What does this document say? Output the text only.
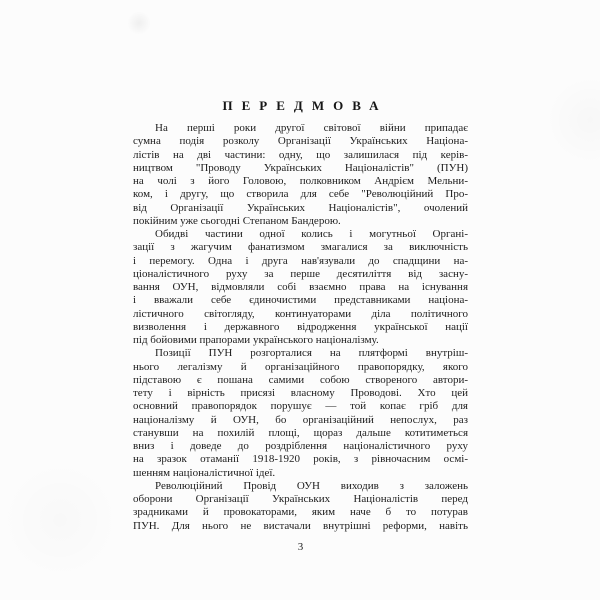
ПЕРЕДМОВА
На перші роки другої світової війни припадає
сумна подія розколу Організації Українських Націона-
лістів на дві частини: одну, що залишилася під керів-
ництвом "Проводу Українських Націоналістів" (ПУН)
на чолі з його Головою, полковником Андрієм Мельни-
ком, і другу, що створила для себе "Революційний Про-
від Організації Українських Націоналістів", очолений
покійним уже сьогодні Степаном Бандерою.
Обидві частини одної колись і могутньої Органі-
зації з жагучим фанатизмом змагалися за виключність
і перемогу. Одна і друга нав'язували до спадщини на-
ціоналістичного руху за перше десятиліття від засну-
вання ОУН, відмовляли собі взаємно права на існування
і вважали себе єдиночистими представниками націона-
лістичного світогляду, континуаторами діла політичного
визволення і державного відродження української нації
під бойовими прапорами українського націоналізму.
Позиції ПУН розгорталися на плятформі внутріш-
нього легалізму й організаційного правопорядку, якого
підставою є пошана самими собою створеного автори-
тету і вірність присязі власному Проводові. Хто цей
основний правопорядок порушує — той копає гріб для
націоналізму й ОУН, бо організаційний непослух, раз
станувши на похилій площі, щораз дальше котитиметься
вниз і доведе до роздріблення націоналістичного руху
на зразок отаманії 1918-1920 років, з рівночасним осмі-
шенням націоналістичної ідеї.
Революційний Провід ОУН виходив з заложень
оборони Організації Українських Націоналістів перед
зрадниками й провокаторами, яким наче б то потурав
ПУН. Для нього не вистачали внутрішні реформи, навіть
3
